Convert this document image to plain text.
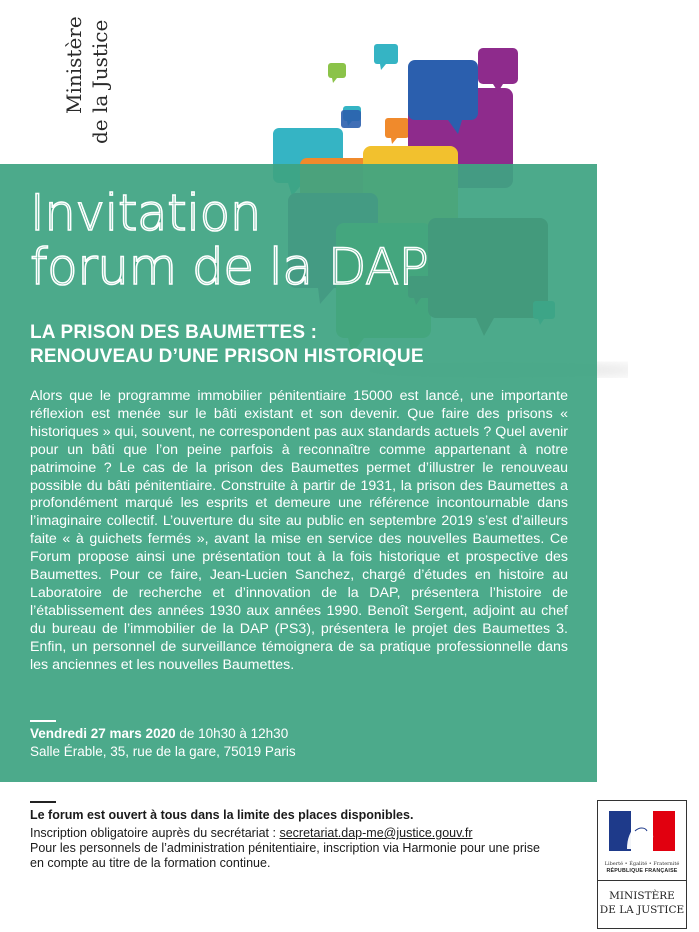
Ministère de la Justice
Invitation
forum de la DAP
LA PRISON DES BAUMETTES :
RENOUVEAU D’UNE PRISON HISTORIQUE

Alors que le programme immobilier pénitentiaire 15000 est lancé, une importante réflexion est menée sur le bâti existant et son devenir. Que faire des prisons « historiques » qui, souvent, ne correspondent pas aux standards actuels ? Quel avenir pour un bâti que l’on peine parfois à reconnaître comme appartenant à notre patrimoine ? Le cas de la prison des Baumettes permet d’illustrer le renouveau possible du bâti pénitentiaire. Construite à partir de 1931, la prison des Baumettes a profondément marqué les esprits et demeure une référence incontournable dans l’imaginaire collectif. L’ouverture du site au public en septembre 2019 s’est d’ailleurs faite « à guichets fermés », avant la mise en service des nouvelles Baumettes. Ce Forum propose ainsi une présentation tout à la fois historique et prospective des Baumettes. Pour ce faire, Jean-Lucien Sanchez, chargé d’études en histoire au Laboratoire de recherche et d’innovation de la DAP, présentera l’histoire de l’établissement des années 1930 aux années 1990. Benoît Sergent, adjoint au chef du bureau de l’immobilier de la DAP (PS3), présentera le projet des Baumettes 3. Enfin, un personnel de surveillance témoignera de sa pratique professionnelle dans les anciennes et les nouvelles Baumettes.

Vendredi 27 mars 2020 de 10h30 à 12h30
Salle Érable, 35, rue de la gare, 75019 Paris
Le forum est ouvert à tous dans la limite des places disponibles.
Inscription obligatoire auprès du secrétariat : secretariat.dap-me@justice.gouv.fr
Pour les personnels de l’administration pénitentiaire, inscription via Harmonie pour une prise en compte au titre de la formation continue.	Liberté • Égalité • Fraternité
RÉPUBLIQUE FRANÇAISE
MINISTÈRE
DE LA JUSTICE
